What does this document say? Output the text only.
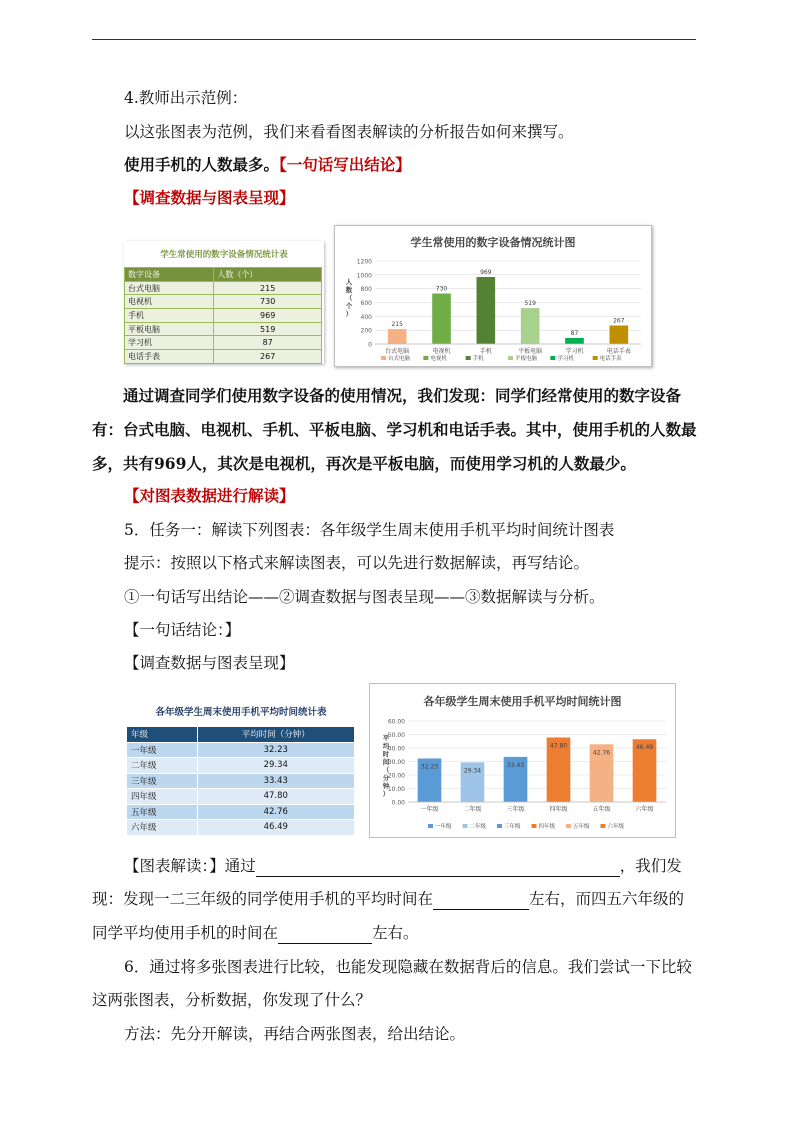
4.教师出示范例：
以这张图表为范例，我们来看看图表解读的分析报告如何来撰写。
使用手机的人数最多。【一句话写出结论】
【调查数据与图表呈现】
学生常使用的数字设备情况统计表
数字设备	人数（个）
台式电脑	215
电视机	730
手机	969
平板电脑	519
学习机	87
电话手表	267
学生常使用的数字设备情况统计图
0
200
400
600
800
1000
1200
人
数
（
个
）
215
台式电脑
730
电视机
969
手机
519
平板电脑
87
学习机
267
电话手表
台式电脑	电视机	手机	平板电脑	学习机	电话手表
通过调查同学们使用数字设备的使用情况，我们发现：同学们经常使用的数字设备有：台式电脑、电视机、手机、平板电脑、学习机和电话手表。其中，使用手机的人数最多，共有969人，其次是电视机，再次是平板电脑，而使用学习机的人数最少。
【对图表数据进行解读】
5．任务一：解读下列图表：各年级学生周末使用手机平均时间统计图表
提示：按照以下格式来解读图表，可以先进行数据解读，再写结论。
①一句话写出结论——②调查数据与图表呈现——③数据解读与分析。
【一句话结论：】
【调查数据与图表呈现】
各年级学生周末使用手机平均时间统计表
年级	平均时间（分钟）
一年级	32.23
二年级	29.34
三年级	33.43
四年级	47.80
五年级	42.76
六年级	46.49
各年级学生周末使用手机平均时间统计图
0.00
10.00
20.00
30.00
40.00
50.00
60.00
平
均
时
间
（
分
钟
）
32.23
一年级
29.34
二年级
33.43
三年级
47.80
四年级
42.76
五年级
46.49
六年级
一年级	二年级	三年级	四年级	五年级	六年级
【图表解读：】通过	，我们发
现：发现一二三年级的同学使用手机的平均时间在	左右，而四五六年级的
同学平均使用手机的时间在	左右。
6．通过将多张图表进行比较，也能发现隐藏在数据背后的信息。我们尝试一下比较
这两张图表，分析数据，你发现了什么？
方法：先分开解读，再结合两张图表，给出结论。
